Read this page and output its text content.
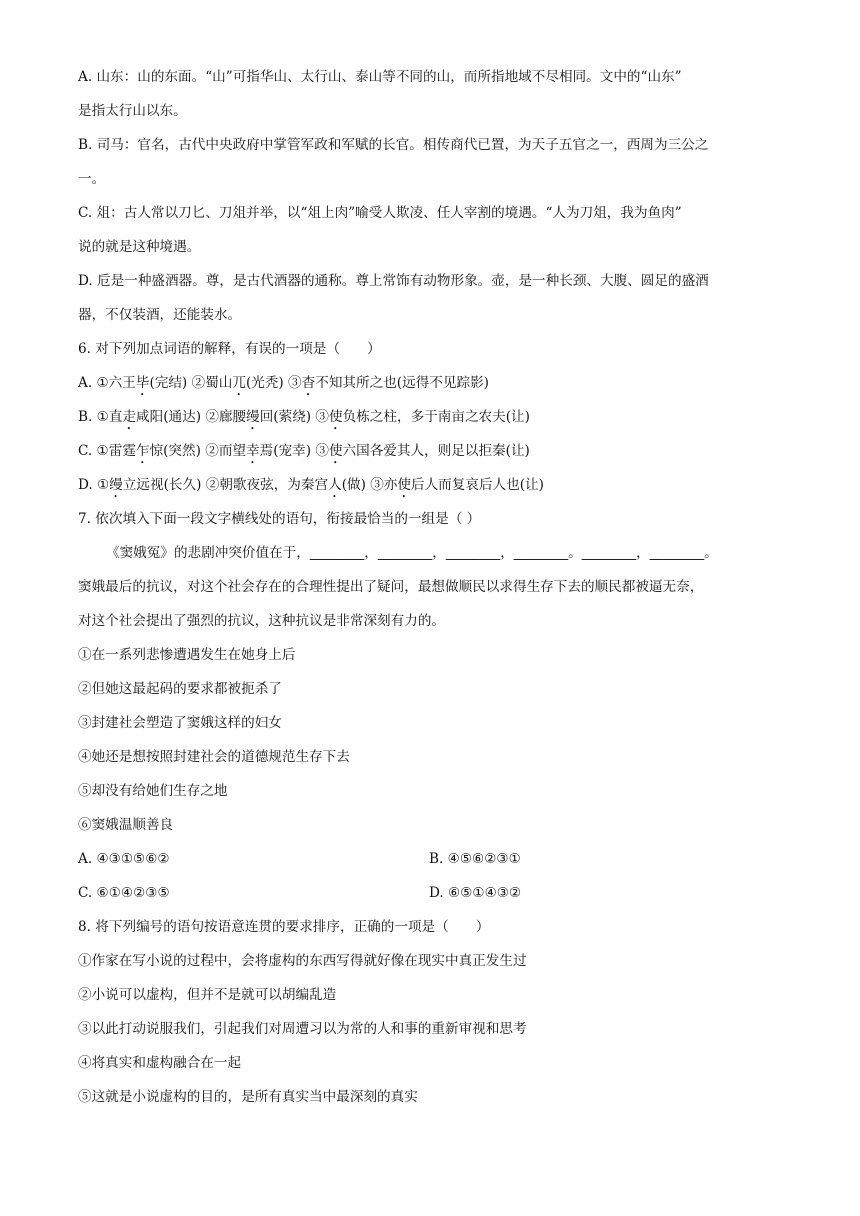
A. 山东：山的东面。“山”可指华山、太行山、泰山等不同的山，而所指地域不尽相同。文中的“山东”
是指太行山以东。
B. 司马：官名，古代中央政府中掌管军政和军赋的长官。相传商代已置，为天子五官之一，西周为三公之
一。
C. 俎：古人常以刀匕、刀俎并举，以“俎上肉”喻受人欺凌、任人宰割的境遇。“人为刀俎，我为鱼肉”
说的就是这种境遇。
D. 卮是一种盛酒器。尊，是古代酒器的通称。尊上常饰有动物形象。壶，是一种长颈、大腹、圆足的盛酒
器，不仅装酒，还能装水。
6. 对下列加点词语的解释，有误的一项是（　　）
A. ①六王毕(完结) ②蜀山兀(光秃) ③杳不知其所之也(远得不见踪影)
B. ①直走咸阳(通达) ②廊腰缦回(萦绕) ③使负栋之柱，多于南亩之农夫(让)
C. ①雷霆乍惊(突然) ②而望幸焉(宠幸) ③使六国各爱其人，则足以拒秦(让)
D. ①缦立远视(长久) ②朝歌夜弦，为秦宫人(做) ③亦使后人而复哀后人也(让)
7. 依次填入下面一段文字横线处的语句，衔接最恰当的一组是（ ）
《窦娥冤》的悲剧冲突价值在于，________，________，________，________。________，________。
窦娥最后的抗议，对这个社会存在的合理性提出了疑问，最想做顺民以求得生存下去的顺民都被逼无奈，
对这个社会提出了强烈的抗议，这种抗议是非常深刻有力的。
①在一系列悲惨遭遇发生在她身上后
②但她这最起码的要求都被扼杀了
③封建社会塑造了窦娥这样的妇女
④她还是想按照封建社会的道德规范生存下去
⑤却没有给她们生存之地
⑥窦娥温顺善良
A. ④③①⑤⑥②	B. ④⑤⑥②③①
C. ⑥①④②③⑤	D. ⑥⑤①④③②
8. 将下列编号的语句按语意连贯的要求排序，正确的一项是（　　）
①作家在写小说的过程中，会将虚构的东西写得就好像在现实中真正发生过
②小说可以虚构，但并不是就可以胡编乱造
③以此打动说服我们，引起我们对周遭习以为常的人和事的重新审视和思考
④将真实和虚构融合在一起
⑤这就是小说虚构的目的，是所有真实当中最深刻的真实
